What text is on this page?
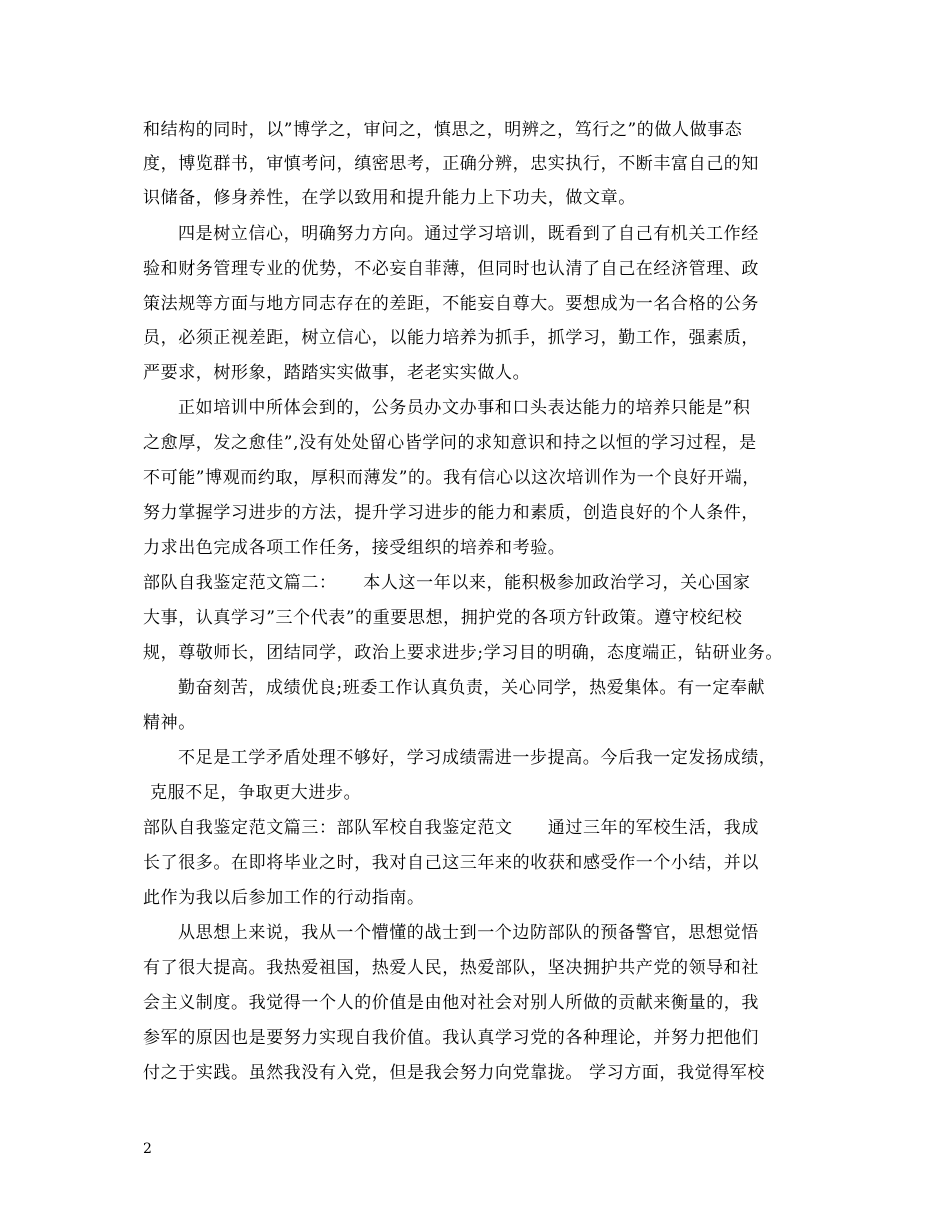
和结构的同时，以”博学之，审问之，慎思之，明辨之，笃行之”的做人做事态
度，博览群书，审慎考问，缜密思考，正确分辨，忠实执行，不断丰富自己的知
识储备，修身养性，在学以致用和提升能力上下功夫，做文章。
四是树立信心，明确努力方向。通过学习培训，既看到了自己有机关工作经
验和财务管理专业的优势，不必妄自菲薄，但同时也认清了自己在经济管理、政
策法规等方面与地方同志存在的差距，不能妄自尊大。要想成为一名合格的公务
员，必须正视差距，树立信心，以能力培养为抓手，抓学习，勤工作，强素质，
严要求，树形象，踏踏实实做事，老老实实做人。
正如培训中所体会到的，公务员办文办事和口头表达能力的培养只能是”积
之愈厚，发之愈佳”,没有处处留心皆学问的求知意识和持之以恒的学习过程，是
不可能”博观而约取，厚积而薄发”的。我有信心以这次培训作为一个良好开端，
努力掌握学习进步的方法，提升学习进步的能力和素质，创造良好的个人条件，
力求出色完成各项工作任务，接受组织的培养和考验。
部队自我鉴定范文篇二：　　本人这一年以来，能积极参加政治学习，关心国家
大事，认真学习”三个代表”的重要思想，拥护党的各项方针政策。遵守校纪校
规，尊敬师长，团结同学，政治上要求进步;学习目的明确，态度端正，钻研业务。
勤奋刻苦，成绩优良;班委工作认真负责，关心同学，热爱集体。有一定奉献
精神。
不足是工学矛盾处理不够好，学习成绩需进一步提高。今后我一定发扬成绩，
克服不足，争取更大进步。
部队自我鉴定范文篇三：部队军校自我鉴定范文　　通过三年的军校生活，我成
长了很多。在即将毕业之时，我对自己这三年来的收获和感受作一个小结，并以
此作为我以后参加工作的行动指南。
从思想上来说，我从一个懵懂的战士到一个边防部队的预备警官，思想觉悟
有了很大提高。我热爱祖国，热爱人民，热爱部队，坚决拥护共产党的领导和社
会主义制度。我觉得一个人的价值是由他对社会对别人所做的贡献来衡量的，我
参军的原因也是要努力实现自我价值。我认真学习党的各种理论，并努力把他们
付之于实践。虽然我没有入党，但是我会努力向党靠拢。 学习方面，我觉得军校
2
